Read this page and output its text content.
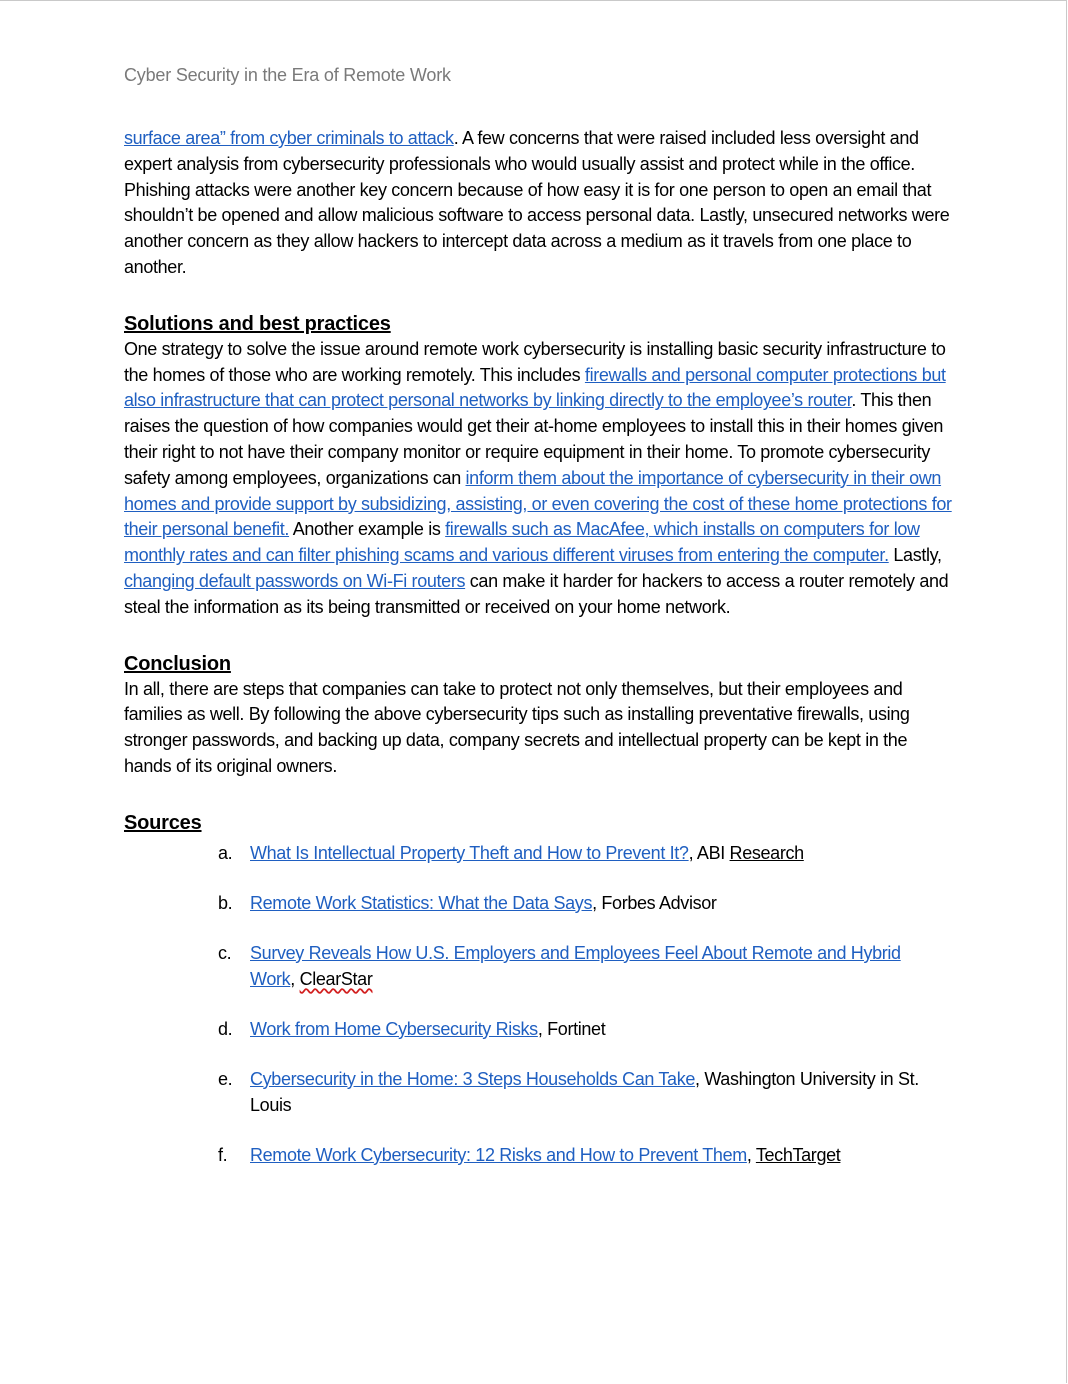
Cyber Security in the Era of Remote Work

surface area” from cyber criminals to attack. A few concerns that were raised included less oversight and expert analysis from cybersecurity professionals who would usually assist and protect while in the office. Phishing attacks were another key concern because of how easy it is for one person to open an email that shouldn’t be opened and allow malicious software to access personal data. Lastly, unsecured networks were another concern as they allow hackers to intercept data across a medium as it travels from one place to another.

Solutions and best practices

One strategy to solve the issue around remote work cybersecurity is installing basic security infrastructure to the homes of those who are working remotely. This includes firewalls and personal computer protections but also infrastructure that can protect personal networks by linking directly to the employee’s router. This then raises the question of how companies would get their at-home employees to install this in their homes given their right to not have their company monitor or require equipment in their home. To promote cybersecurity safety among employees, organizations can inform them about the importance of cybersecurity in their own homes and provide support by subsidizing, assisting, or even covering the cost of these home protections for their personal benefit. Another example is firewalls such as MacAfee, which installs on computers for low monthly rates and can filter phishing scams and various different viruses from entering the computer. Lastly, changing default passwords on Wi-Fi routers can make it harder for hackers to access a router remotely and steal the information as its being transmitted or received on your home network.

Conclusion

In all, there are steps that companies can take to protect not only themselves, but their employees and families as well. By following the above cybersecurity tips such as installing preventative firewalls, using stronger passwords, and backing up data, company secrets and intellectual property can be kept in the hands of its original owners.

Sources
a. What Is Intellectual Property Theft and How to Prevent It?, ABI Research
b. Remote Work Statistics: What the Data Says, Forbes Advisor
c. Survey Reveals How U.S. Employers and Employees Feel About Remote and Hybrid Work, ClearStar
d. Work from Home Cybersecurity Risks, Fortinet
e. Cybersecurity in the Home: 3 Steps Households Can Take, Washington University in St. Louis
f. Remote Work Cybersecurity: 12 Risks and How to Prevent Them, TechTarget
